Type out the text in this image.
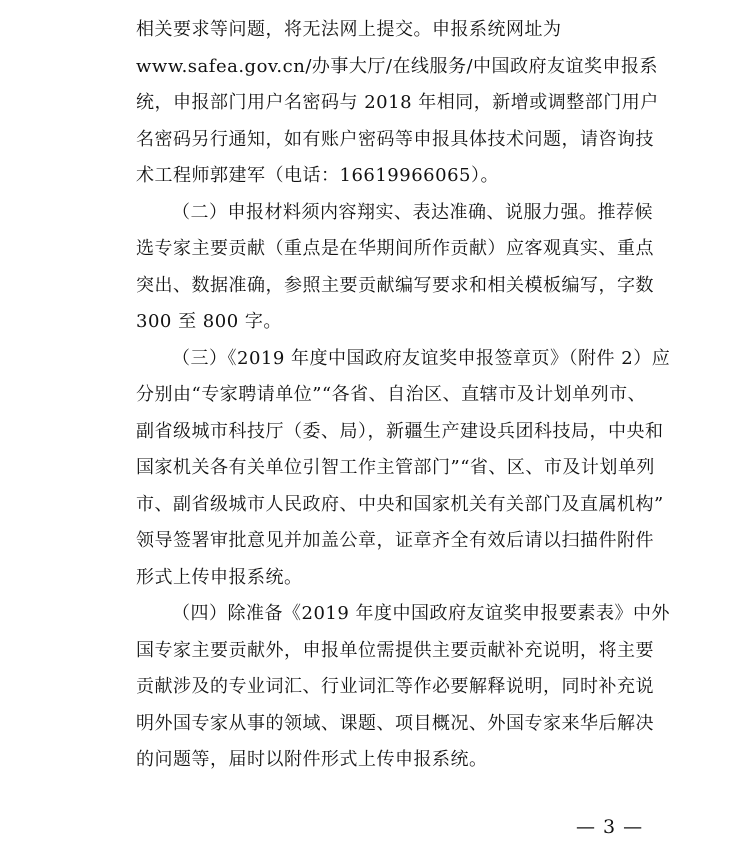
相关要求等问题，将无法网上提交。申报系统网址为
www.safea.gov.cn/办事大厅/在线服务/中国政府友谊奖申报系
统，申报部门用户名密码与 2018 年相同，新增或调整部门用户
名密码另行通知，如有账户密码等申报具体技术问题，请咨询技
术工程师郭建军（电话：16619966065）。
（二）申报材料须内容翔实、表达准确、说服力强。推荐候
选专家主要贡献（重点是在华期间所作贡献）应客观真实、重点
突出、数据准确，参照主要贡献编写要求和相关模板编写，字数
300 至 800 字。
（三）《2019 年度中国政府友谊奖申报签章页》（附件 2）应
分别由“专家聘请单位”“各省、自治区、直辖市及计划单列市、
副省级城市科技厅（委、局），新疆生产建设兵团科技局，中央和
国家机关各有关单位引智工作主管部门”“省、区、市及计划单列
市、副省级城市人民政府、中央和国家机关有关部门及直属机构”
领导签署审批意见并加盖公章，证章齐全有效后请以扫描件附件
形式上传申报系统。
（四）除准备《2019 年度中国政府友谊奖申报要素表》中外
国专家主要贡献外，申报单位需提供主要贡献补充说明，将主要
贡献涉及的专业词汇、行业词汇等作必要解释说明，同时补充说
明外国专家从事的领域、课题、项目概况、外国专家来华后解决
的问题等，届时以附件形式上传申报系统。
— 3 —
